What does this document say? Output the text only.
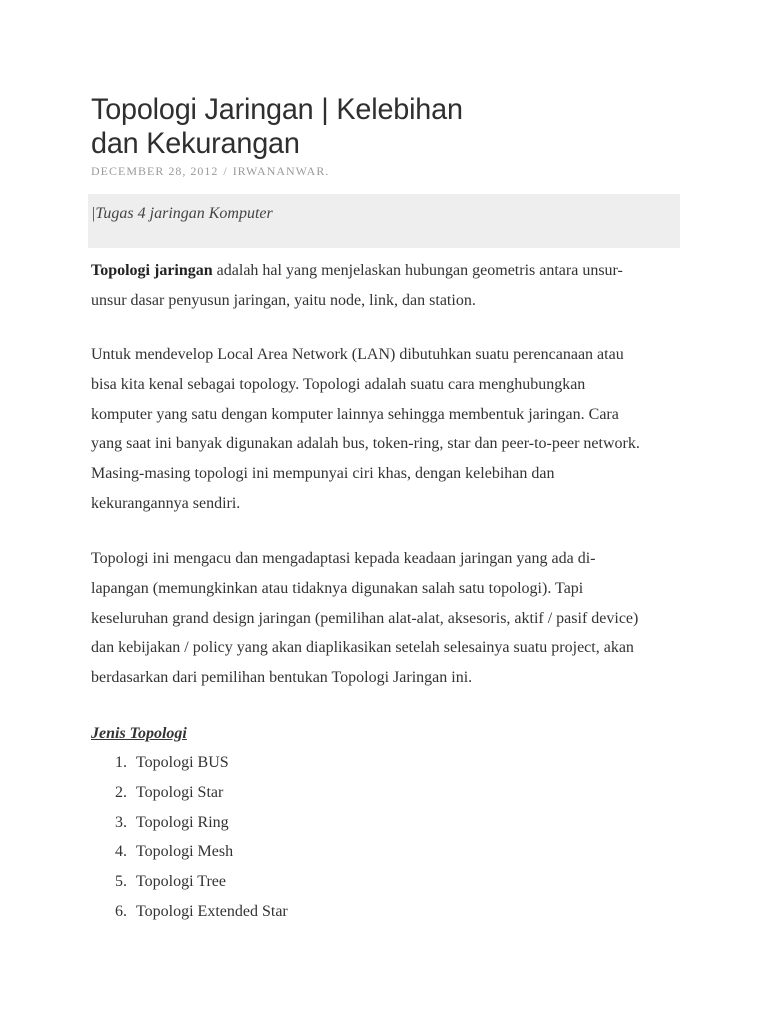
Topologi Jaringan | Kelebihan
dan Kekurangan
DECEMBER 28, 2012 / IRWANANWAR.
|Tugas 4 jaringan Komputer

Topologi jaringan adalah hal yang menjelaskan hubungan geometris antara unsur-
unsur dasar penyusun jaringan, yaitu node, link, dan station.

Untuk mendevelop Local Area Network (LAN) dibutuhkan suatu perencanaan atau
bisa kita kenal sebagai topology. Topologi adalah suatu cara menghubungkan
komputer yang satu dengan komputer lainnya sehingga membentuk jaringan. Cara
yang saat ini banyak digunakan adalah bus, token-ring, star dan peer-to-peer network.
Masing-masing topologi ini mempunyai ciri khas, dengan kelebihan dan
kekurangannya sendiri.

Topologi ini mengacu dan mengadaptasi kepada keadaan jaringan yang ada di-
lapangan (memungkinkan atau tidaknya digunakan salah satu topologi). Tapi
keseluruhan grand design jaringan (pemilihan alat-alat, aksesoris, aktif / pasif device)
dan kebijakan / policy yang akan diaplikasikan setelah selesainya suatu project, akan
berdasarkan dari pemilihan bentukan Topologi Jaringan ini.

Jenis Topologi
1. Topologi BUS
2. Topologi Star
3. Topologi Ring
4. Topologi Mesh
5. Topologi Tree
6. Topologi Extended Star
